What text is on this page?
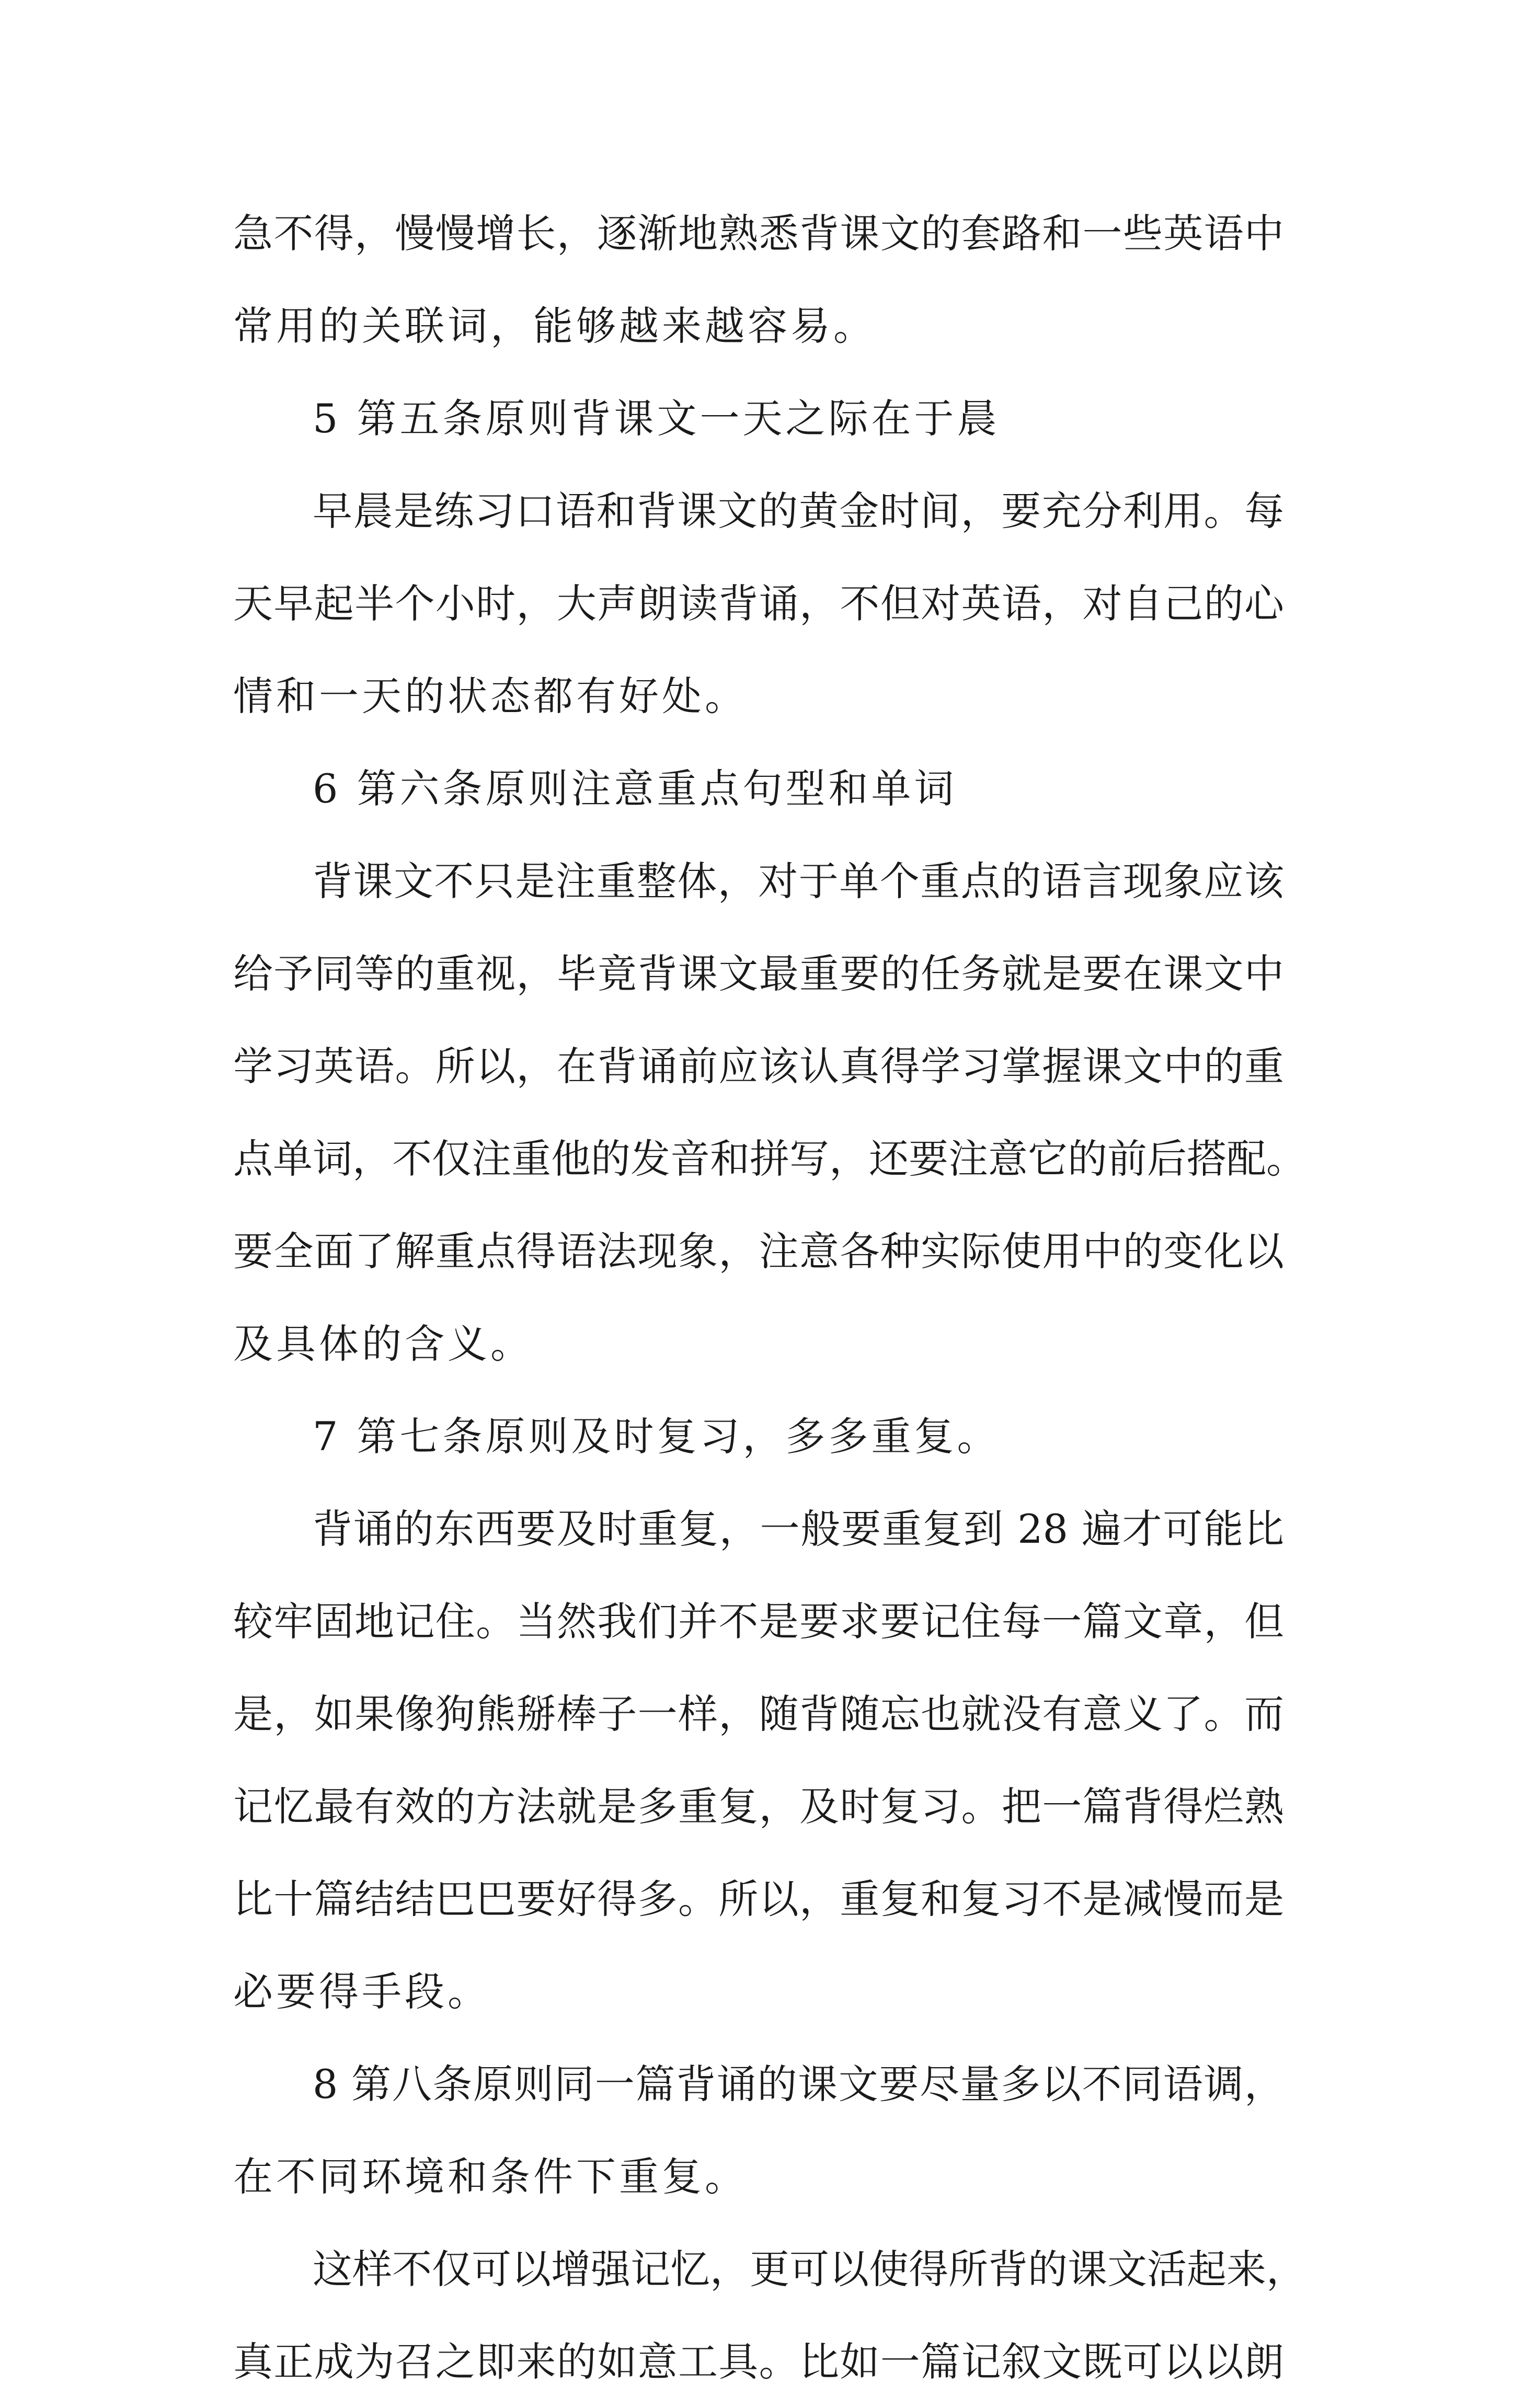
急不得，慢慢增长，逐渐地熟悉背课文的套路和一些英语中
常用的关联词，能够越来越容易。
5 第五条原则背课文一天之际在于晨
早晨是练习口语和背课文的黄金时间，要充分利用。每
天早起半个小时，大声朗读背诵，不但对英语，对自己的心
情和一天的状态都有好处。
6 第六条原则注意重点句型和单词
背课文不只是注重整体，对于单个重点的语言现象应该
给予同等的重视，毕竟背课文最重要的任务就是要在课文中
学习英语。所以，在背诵前应该认真得学习掌握课文中的重
点单词，不仅注重他的发音和拼写，还要注意它的前后搭配。
要全面了解重点得语法现象，注意各种实际使用中的变化以
及具体的含义。
7 第七条原则及时复习，多多重复。
背诵的东西要及时重复，一般要重复到 28 遍才可能比
较牢固地记住。当然我们并不是要求要记住每一篇文章，但
是，如果像狗熊掰棒子一样，随背随忘也就没有意义了。而
记忆最有效的方法就是多重复，及时复习。把一篇背得烂熟
比十篇结结巴巴要好得多。所以，重复和复习不是减慢而是
必要得手段。
8 第八条原则同一篇背诵的课文要尽量多以不同语调，
在不同环境和条件下重复。
这样不仅可以增强记忆，更可以使得所背的课文活起来，
真正成为召之即来的如意工具。比如一篇记叙文既可以以朗
